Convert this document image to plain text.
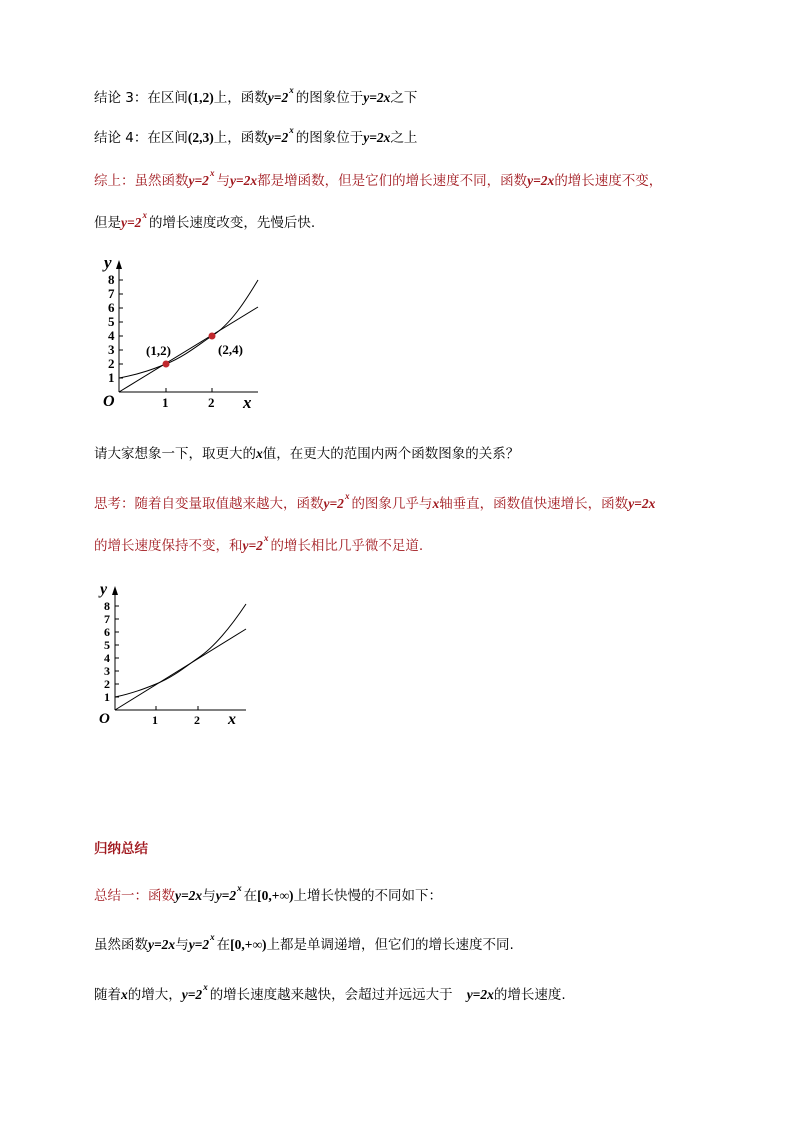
结论 3：在区间(1,2)上，函数$y=2^x$ 的图象位于y=2x之下
结论 4：在区间(2,3)上，函数$y=2^x$ 的图象位于y=2x之上
综上：虽然函数$y=2^x$ 与y=2x都是增函数，但是它们的增长速度不同，函数y=2x的增长速度不变，
但是$y=2^x$ 的增长速度改变，先慢后快.
1
2
3
4
5
6
7
8
1	2
O	x
y
(1,2)	(2,4)
请大家想象一下，取更大的x值，在更大的范围内两个函数图象的关系？
思考：随着自变量取值越来越大，函数$y=2^x$ 的图象几乎与x轴垂直，函数值快速增长，函数y=2x
的增长速度保持不变，和$y=2^x$ 的增长相比几乎微不足道.
1
2
3
4
5
6
7
8
1	2
O	x
y
归纳总结
总结一：函数y=2x与$y=2^x$ 在[0,+∞)上增长快慢的不同如下：
虽然函数y=2x与$y=2^x$ 在[0,+∞)上都是单调递增，但它们的增长速度不同.
随着x的增大，$y=2^x$ 的增长速度越来越快，会超过并远远大于 y=2x的增长速度.
